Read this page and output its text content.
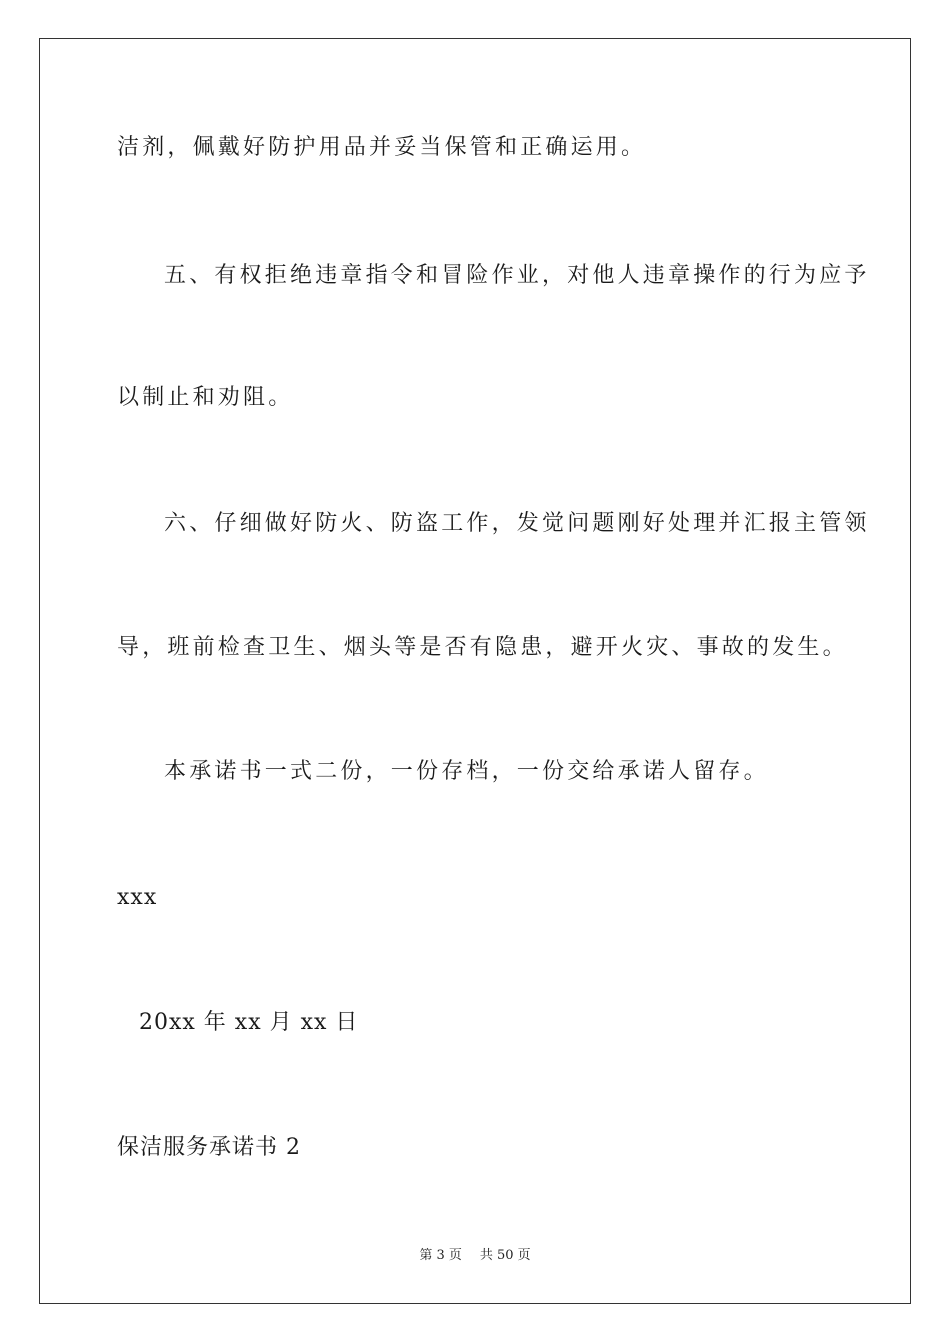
洁剂，佩戴好防护用品并妥当保管和正确运用。
五、有权拒绝违章指令和冒险作业，对他人违章操作的行为应予
以制止和劝阻。
六、仔细做好防火、防盗工作，发觉问题刚好处理并汇报主管领
导，班前检查卫生、烟头等是否有隐患，避开火灾、事故的发生。
本承诺书一式二份，一份存档，一份交给承诺人留存。
xxx
20xx 年 xx 月 xx 日
保洁服务承诺书 2
第 3 页 共 50 页
